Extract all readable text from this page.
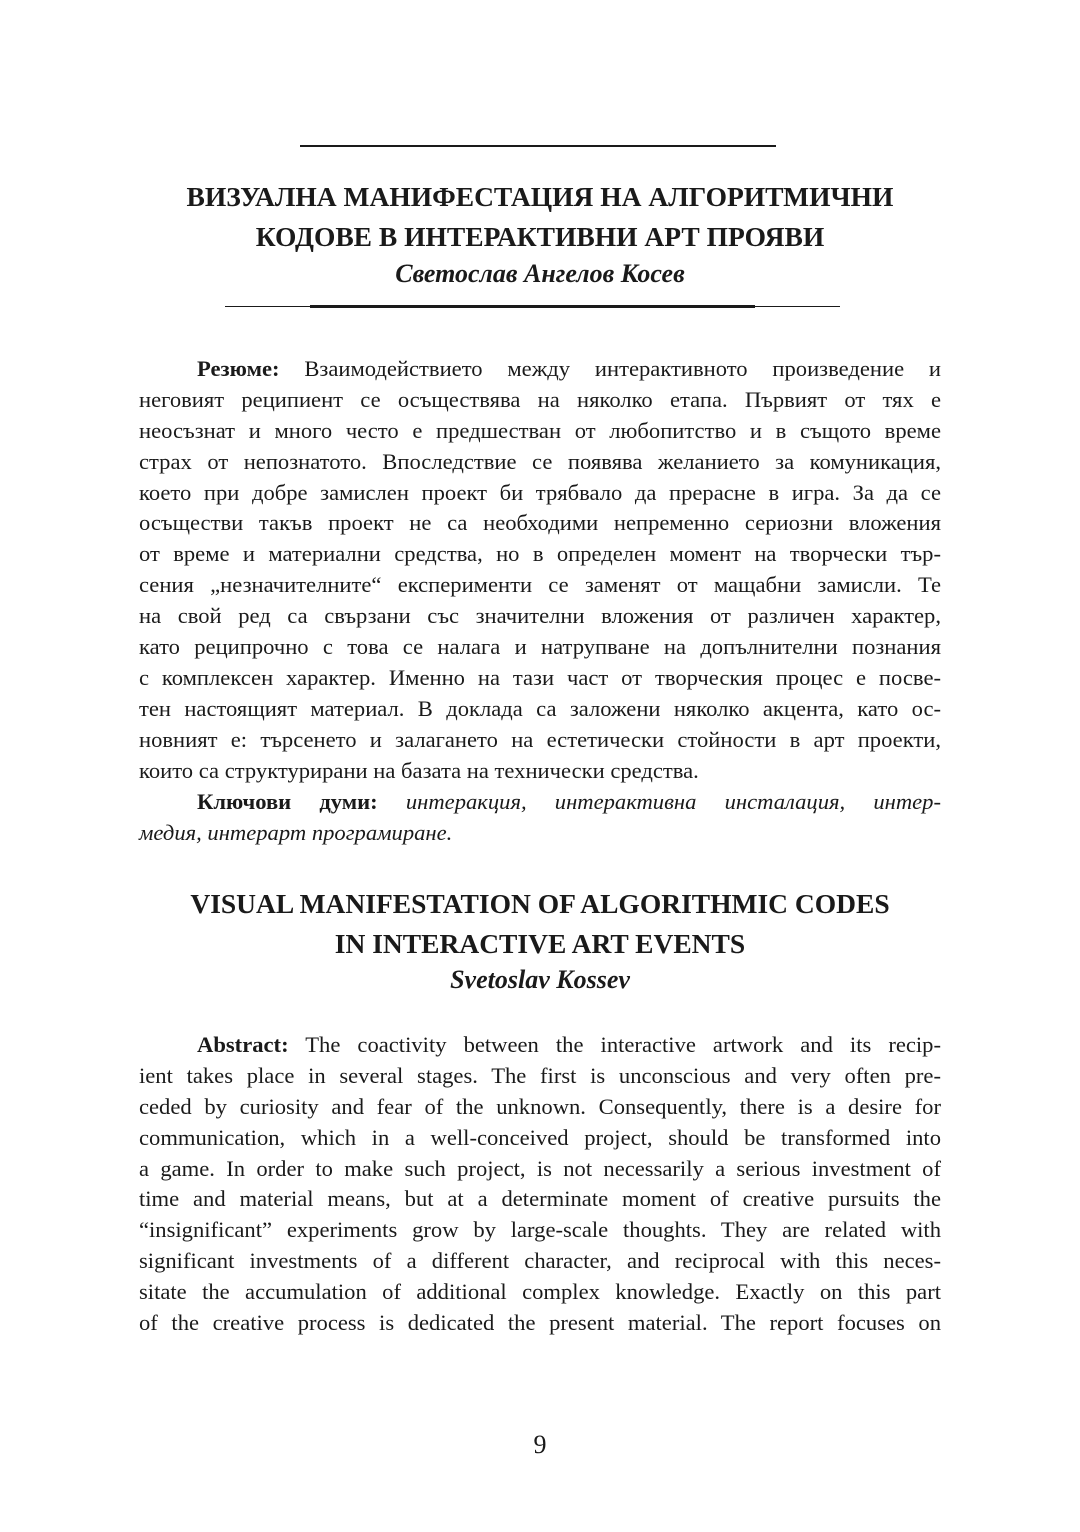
ВИЗУАЛНА МАНИФЕСТАЦИЯ НА АЛГОРИТМИЧНИ
КОДОВЕ В ИНТЕРАКТИВНИ АРТ ПРОЯВИ

Светослав Ангелов Косев

Резюме: Взаимодействието между интерактивното произведение и
неговият реципиент се осъществява на няколко етапа. Първият от тях е
неосъзнат и много често е предшестван от любопитство и в същото време
страх от непознатото. Впоследствие се появява желанието за комуникация,
което при добре замислен проект би трябвало да прерасне в игра. За да се
осъществи такъв проект не са необходими непременно сериозни вложения
от време и материални средства, но в определен момент на творчески тър-
сения „незначителните“ експерименти се заменят от мащабни замисли. Те
на свой ред са свързани със значителни вложения от различен характер,
като реципрочно с това се налага и натрупване на допълнителни познания
с комплексен характер. Именно на тази част от творческия процес е посве-
тен настоящият материал. В доклада са заложени няколко акцента, като ос-
новният е: търсенето и залагането на естетически стойности в арт проекти,
които са структурирани на базата на технически средства.
Ключови думи: интеракция, интерактивна инсталация, интер-
медия, интерарт програмиране.
VISUAL MANIFESTATION OF ALGORITHMIC CODES
IN INTERACTIVE ART EVENTS

Svetoslav Kossev

Abstract: The coactivity between the interactive artwork and its recip-
ient takes place in several stages. The first is unconscious and very often pre-
ceded by curiosity and fear of the unknown. Consequently, there is a desire for
communication, which in a well-conceived project, should be transformed into
a game. In order to make such project, is not necessarily a serious investment of
time and material means, but at a determinate moment of creative pursuits the
“insignificant” experiments grow by large-scale thoughts. They are related with
significant investments of a different character, and reciprocal with this neces-
sitate the accumulation of additional complex knowledge. Exactly on this part
of the creative process is dedicated the present material. The report focuses on

9
